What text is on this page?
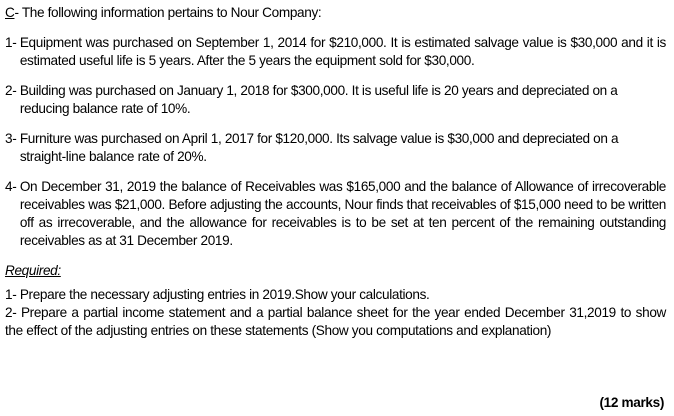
C- The following information pertains to Nour Company:
1- Equipment was purchased on September 1, 2014 for $210,000. It is estimated salvage value is $30,000 and it is estimated useful life is 5 years. After the 5 years the equipment sold for $30,000.
2- Building was purchased on January 1, 2018 for $300,000. It is useful life is 20 years and depreciated on a reducing balance rate of 10%.
3- Furniture was purchased on April 1, 2017 for $120,000. Its salvage value is $30,000 and depreciated on a straight-line balance rate of 20%.
4- On December 31, 2019 the balance of Receivables was $165,000 and the balance of Allowance of irrecoverable receivables was $21,000. Before adjusting the accounts, Nour finds that receivables of $15,000 need to be written off as irrecoverable, and the allowance for receivables is to be set at ten percent of the remaining outstanding receivables as at 31 December 2019.
Required:
1- Prepare the necessary adjusting entries in 2019.Show your calculations.
2- Prepare a partial income statement and a partial balance sheet for the year ended December 31,2019 to show the effect of the adjusting entries on these statements (Show you computations and explanation)
(12 marks)
